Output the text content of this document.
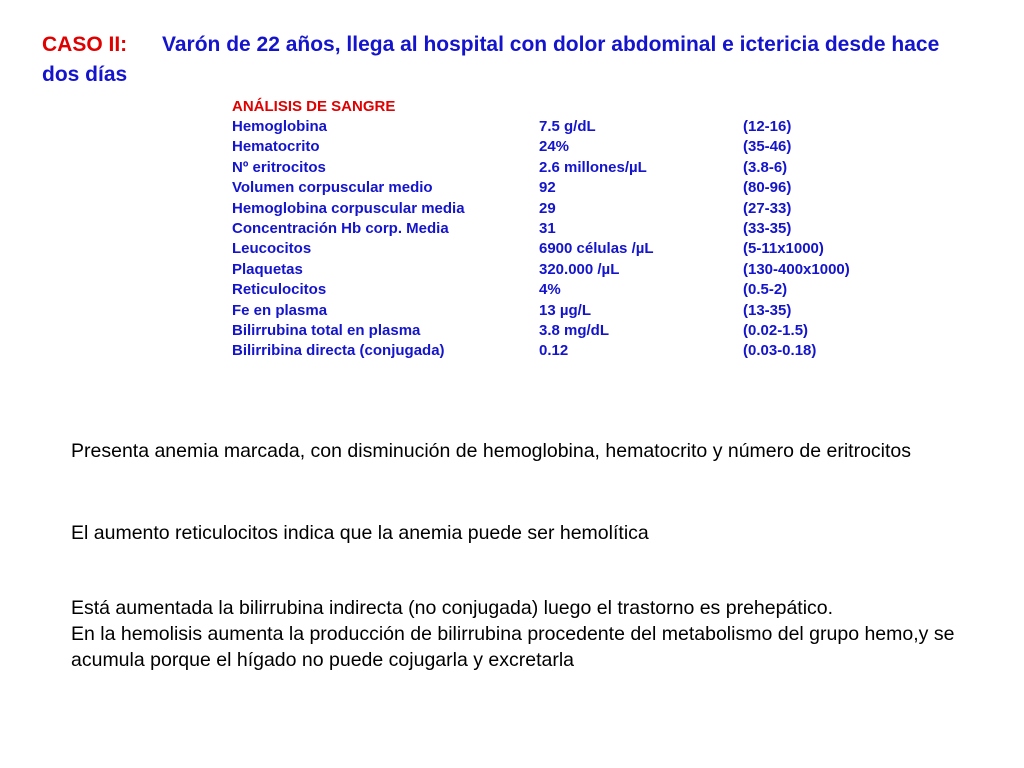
CASO II: Varón de 22 años, llega al hospital con dolor abdominal e ictericia desde hace dos días
ANÁLISIS DE SANGRE
Hemoglobina	7.5 g/dL	(12-16)
Hematocrito	24%	(35-46)
Nº eritrocitos	2.6 millones/µL	(3.8-6)
Volumen corpuscular medio	92	(80-96)
Hemoglobina corpuscular media	29	(27-33)
Concentración Hb corp. Media	31	(33-35)
Leucocitos	6900 células /µL	(5-11x1000)
Plaquetas	320.000 /µL	(130-400x1000)
Reticulocitos	4%	(0.5-2)
Fe en plasma	13 µg/L	(13-35)
Bilirrubina total en plasma	3.8 mg/dL	(0.02-1.5)
Bilirribina directa (conjugada)	0.12	(0.03-0.18)

Presenta anemia marcada, con disminución de hemoglobina, hematocrito y número de eritrocitos

El aumento reticulocitos indica que la anemia puede ser hemolítica

Está aumentada la bilirrubina indirecta (no conjugada) luego el trastorno es prehepático.

En la hemolisis aumenta la producción de bilirrubina procedente del metabolismo del grupo hemo,y se acumula porque el hígado no puede cojugarla y excretarla
